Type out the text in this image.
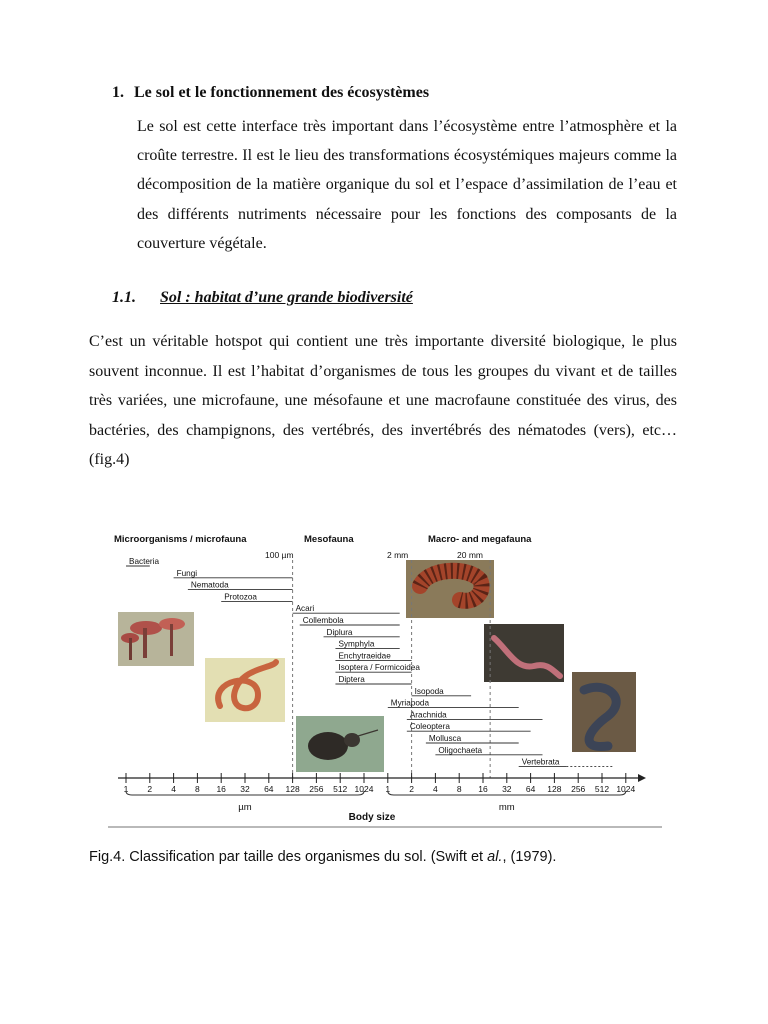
1. Le sol et le fonctionnement des écosystèmes

Le sol est cette interface très important dans l’écosystème entre l’atmosphère et la croûte terrestre. Il est le lieu des transformations écosystémiques majeurs comme la décomposition de la matière organique du sol et l’espace d’assimilation de l’eau et des différents nutriments nécessaire pour les fonctions des composants de la couverture végétale.

1.1. Sol : habitat d’une grande biodiversité

C’est un véritable hotspot qui contient une très importante diversité biologique, le plus souvent inconnue. Il est l’habitat d’organismes de tous les groupes du vivant et de tailles très variées, une microfaune, une mésofaune et une macrofaune constituée des virus, des bactéries, des champignons, des vertébrés, des invertébrés des nématodes (vers), etc… (fig.4)

Microorganisms / microfauna	Mesofauna	Macro- and megafauna
100 µm	2 mm	20 mm
Bacteria
Fungi
Nematoda
Protozoa
Acari
Collembola
Diplura
Symphyla
Enchytraeidae
Isoptera / Formicoidea
Diptera
Isopoda
Myriapoda
Arachnida
Coleoptera
Mollusca
Oligochaeta
Vertebrata
1 2 4 8 16 32 64 128 256 512 1024 1 2 4 8 16 32 64 128 256 512 1024
µm	mm
Body size

Fig.4. Classification par taille des organismes du sol. (Swift et al., (1979).
